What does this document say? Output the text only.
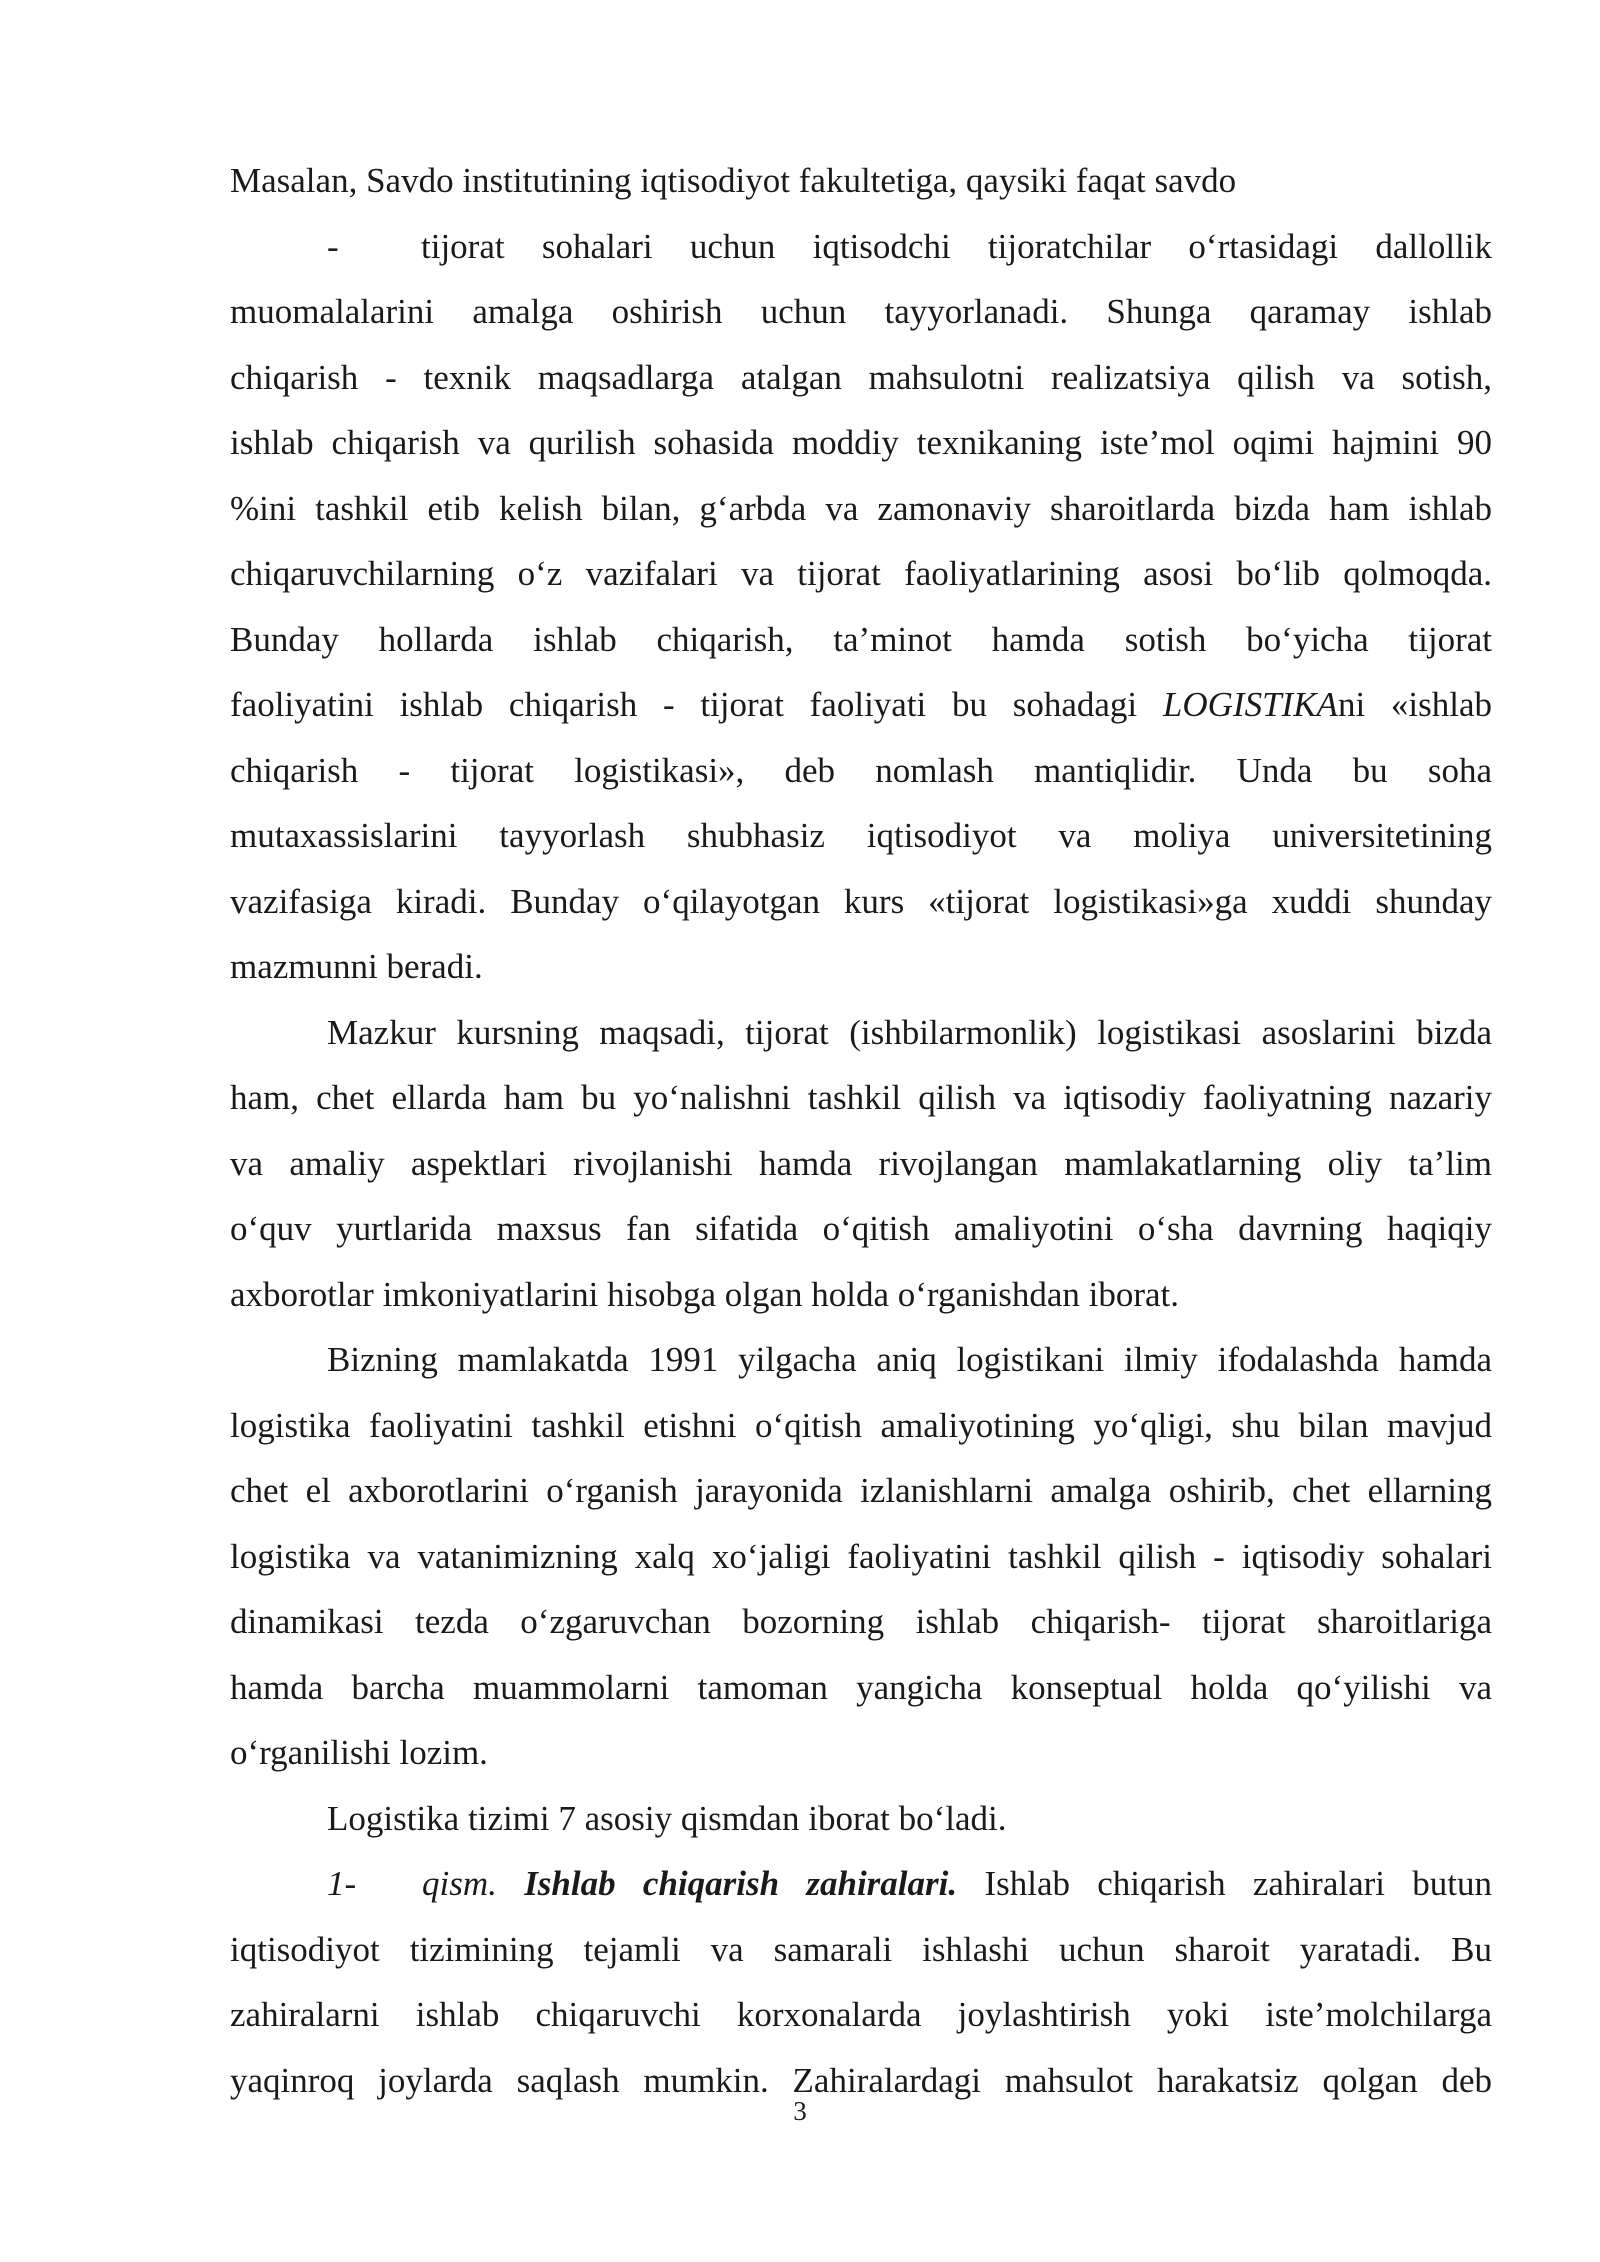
Masalan, Savdo institutining iqtisodiyot fakultetiga, qaysiki faqat savdo
-	tijorat sohalari uchun iqtisodchi tijoratchilar o‘rtasidagi dallollik
muomalalarini amalga oshirish uchun tayyorlanadi. Shunga qaramay ishlab
chiqarish - texnik maqsadlarga atalgan mahsulotni realizatsiya qilish va sotish,
ishlab chiqarish va qurilish sohasida moddiy texnikaning iste’mol oqimi hajmini 90
%ini tashkil etib kelish bilan, g‘arbda va zamonaviy sharoitlarda bizda ham ishlab
chiqaruvchilarning o‘z vazifalari va tijorat faoliyatlarining asosi bo‘lib qolmoqda.
Bunday hollarda ishlab chiqarish, ta’minot hamda sotish bo‘yicha tijorat
faoliyatini ishlab chiqarish - tijorat faoliyati bu sohadagi LOGISTIKAni «ishlab
chiqarish - tijorat logistikasi», deb nomlash mantiqlidir. Unda bu soha
mutaxassislarini tayyorlash shubhasiz iqtisodiyot va moliya universitetining
vazifasiga kiradi. Bunday o‘qilayotgan kurs «tijorat logistikasi»ga xuddi shunday
mazmunni beradi.
Mazkur kursning maqsadi, tijorat (ishbilarmonlik) logistikasi asoslarini bizda
ham, chet ellarda ham bu yo‘nalishni tashkil qilish va iqtisodiy faoliyatning nazariy
va amaliy aspektlari rivojlanishi hamda rivojlangan mamlakatlarning oliy ta’lim
o‘quv yurtlarida maxsus fan sifatida o‘qitish amaliyotini o‘sha davrning haqiqiy
axborotlar imkoniyatlarini hisobga olgan holda o‘rganishdan iborat.
Bizning mamlakatda 1991 yilgacha aniq logistikani ilmiy ifodalashda hamda
logistika faoliyatini tashkil etishni o‘qitish amaliyotining yo‘qligi, shu bilan mavjud
chet el axborotlarini o‘rganish jarayonida izlanishlarni amalga oshirib, chet ellarning
logistika va vatanimizning xalq xo‘jaligi faoliyatini tashkil qilish - iqtisodiy sohalari
dinamikasi tezda o‘zgaruvchan bozorning ishlab chiqarish- tijorat sharoitlariga
hamda barcha muammolarni tamoman yangicha konseptual holda qo‘yilishi va
o‘rganilishi lozim.
Logistika tizimi 7 asosiy qismdan iborat bo‘ladi.
1-	qism. Ishlab chiqarish zahiralari. Ishlab chiqarish zahiralari butun
iqtisodiyot tizimining tejamli va samarali ishlashi uchun sharoit yaratadi. Bu
zahiralarni ishlab chiqaruvchi korxonalarda joylashtirish yoki iste’molchilarga
yaqinroq joylarda saqlash mumkin. Zahiralardagi mahsulot harakatsiz qolgan deb
3
